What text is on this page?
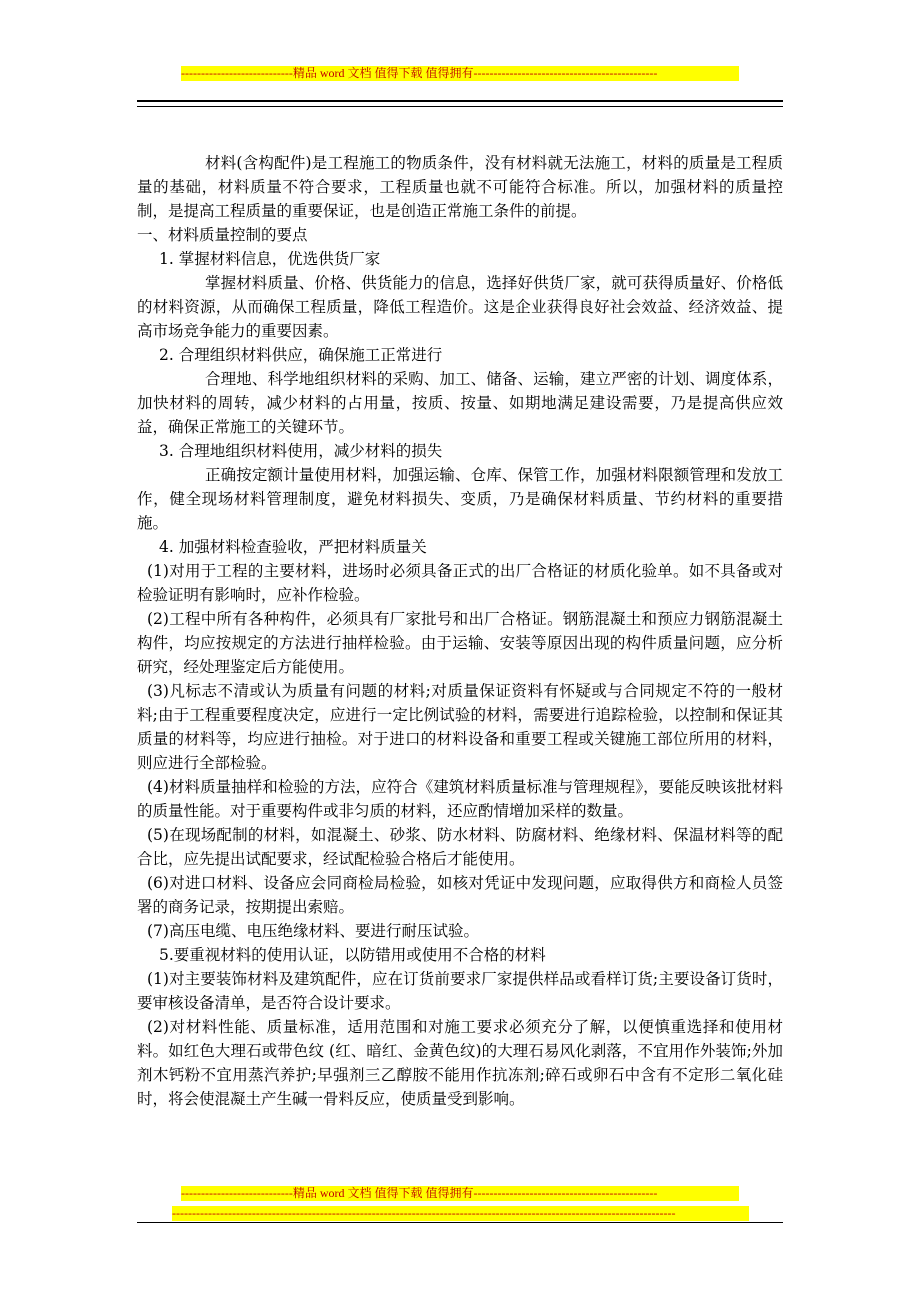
----------------------------精品 word 文档 值得下载 值得拥有----------------------------------------------

材料(含构配件)是工程施工的物质条件，没有材料就无法施工，材料的质量是工程质量的基础，材料质量不符合要求，工程质量也就不可能符合标准。所以，加强材料的质量控制，是提高工程质量的重要保证，也是创造正常施工条件的前提。

一、材料质量控制的要点

1. 掌握材料信息，优选供货厂家

掌握材料质量、价格、供货能力的信息，选择好供货厂家，就可获得质量好、价格低的材料资源，从而确保工程质量，降低工程造价。这是企业获得良好社会效益、经济效益、提高市场竞争能力的重要因素。

2. 合理组织材料供应，确保施工正常进行

合理地、科学地组织材料的采购、加工、储备、运输，建立严密的计划、调度体系，加快材料的周转，减少材料的占用量，按质、按量、如期地满足建设需要，乃是提高供应效益，确保正常施工的关键环节。

3. 合理地组织材料使用，减少材料的损失

正确按定额计量使用材料，加强运输、仓库、保管工作，加强材料限额管理和发放工作，健全现场材料管理制度，避免材料损失、变质，乃是确保材料质量、节约材料的重要措施。

4. 加强材料检查验收，严把材料质量关

(1)对用于工程的主要材料，进场时必须具备正式的出厂合格证的材质化验单。如不具备或对检验证明有影响时，应补作检验。

(2)工程中所有各种构件，必须具有厂家批号和出厂合格证。钢筋混凝土和预应力钢筋混凝土构件，均应按规定的方法进行抽样检验。由于运输、安装等原因出现的构件质量问题，应分析研究，经处理鉴定后方能使用。

(3)凡标志不清或认为质量有问题的材料;对质量保证资料有怀疑或与合同规定不符的一般材料;由于工程重要程度决定，应进行一定比例试验的材料，需要进行追踪检验，以控制和保证其质量的材料等，均应进行抽检。对于进口的材料设备和重要工程或关键施工部位所用的材料，则应进行全部检验。

(4)材料质量抽样和检验的方法，应符合《建筑材料质量标准与管理规程》，要能反映该批材料的质量性能。对于重要构件或非匀质的材料，还应酌情增加采样的数量。

(5)在现场配制的材料，如混凝土、砂浆、防水材料、防腐材料、绝缘材料、保温材料等的配合比，应先提出试配要求，经试配检验合格后才能使用。

(6)对进口材料、设备应会同商检局检验，如核对凭证中发现问题，应取得供方和商检人员签署的商务记录，按期提出索赔。

(7)高压电缆、电压绝缘材料、要进行耐压试验。

5.要重视材料的使用认证，以防错用或使用不合格的材料

(1)对主要装饰材料及建筑配件，应在订货前要求厂家提供样品或看样订货;主要设备订货时，要审核设备清单，是否符合设计要求。

(2)对材料性能、质量标准，适用范围和对施工要求必须充分了解，以便慎重选择和使用材料。如红色大理石或带色纹 (红、暗红、金黄色纹)的大理石易风化剥落，不宜用作外装饰;外加剂木钙粉不宜用蒸汽养护;早强剂三乙醇胺不能用作抗冻剂;碎石或卵石中含有不定形二氧化硅时，将会使混凝土产生碱一骨料反应，使质量受到影响。

----------------------------精品 word 文档 值得下载 值得拥有----------------------------------------------
------------------------------------------------------------------------------------------------------------------------------
